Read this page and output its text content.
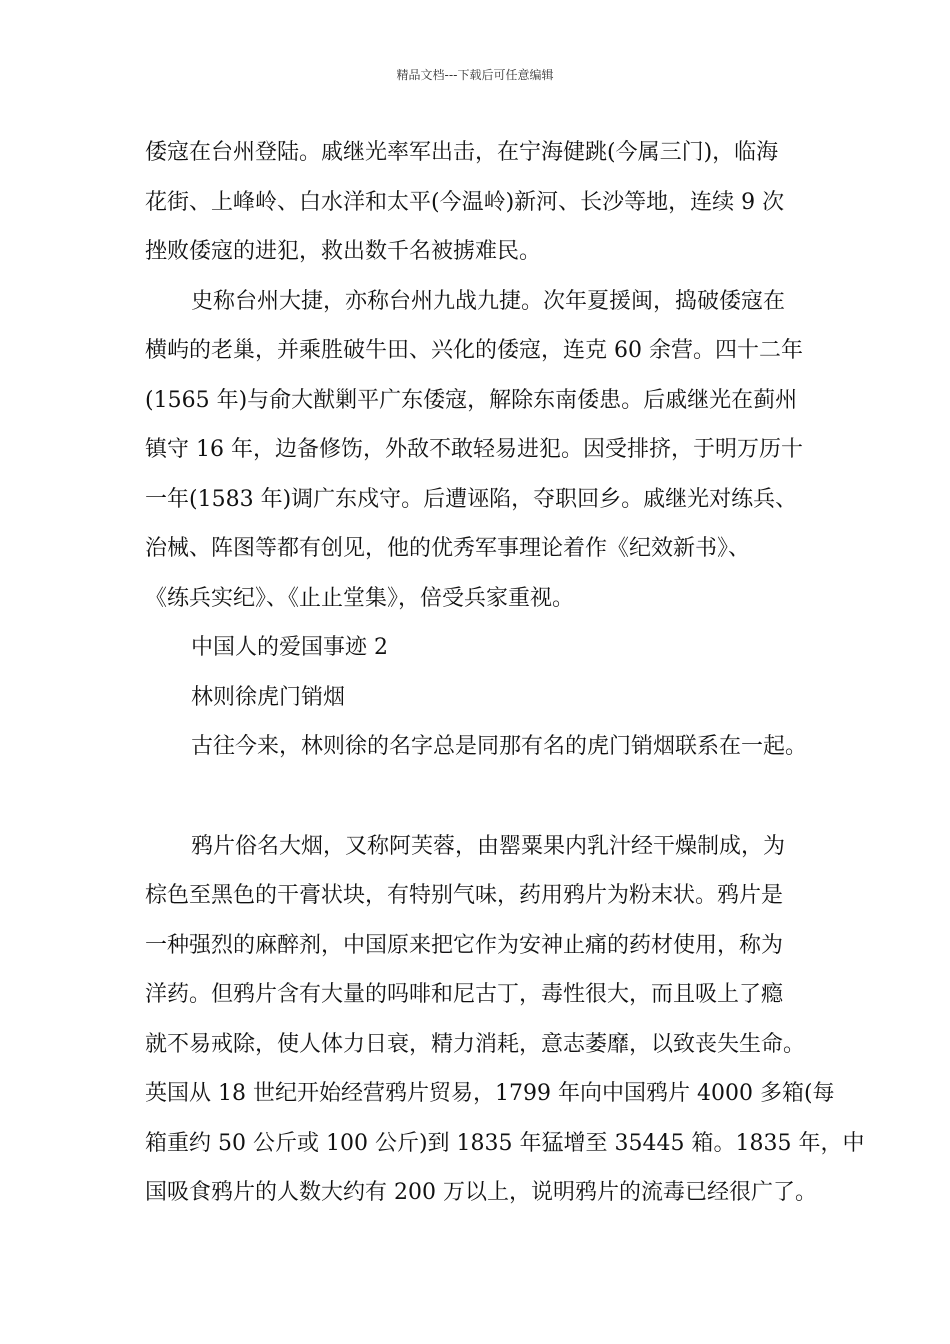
精品文档---下载后可任意编辑
倭寇在台州登陆。戚继光率军出击，在宁海健跳(今属三门)，临海
花街、上峰岭、白水洋和太平(今温岭)新河、长沙等地，连续 9 次
挫败倭寇的进犯，救出数千名被掳难民。
史称台州大捷，亦称台州九战九捷。次年夏援闽，捣破倭寇在
横屿的老巢，并乘胜破牛田、兴化的倭寇，连克 60 余营。四十二年
(1565 年)与俞大猷剿平广东倭寇，解除东南倭患。后戚继光在蓟州
镇守 16 年，边备修饬，外敌不敢轻易进犯。因受排挤，于明万历十
一年(1583 年)调广东戍守。后遭诬陷，夺职回乡。戚继光对练兵、
治械、阵图等都有创见，他的优秀军事理论着作《纪效新书》、
《练兵实纪》、《止止堂集》，倍受兵家重视。
中国人的爱国事迹 2
林则徐虎门销烟
古往今来，林则徐的名字总是同那有名的虎门销烟联系在一起。
鸦片俗名大烟，又称阿芙蓉，由罂粟果内乳汁经干燥制成，为
棕色至黑色的干膏状块，有特别气味，药用鸦片为粉末状。鸦片是
一种强烈的麻醉剂，中国原来把它作为安神止痛的药材使用，称为
洋药。但鸦片含有大量的吗啡和尼古丁，毒性很大，而且吸上了瘾
就不易戒除，使人体力日衰，精力消耗，意志萎靡，以致丧失生命。
英国从 18 世纪开始经营鸦片贸易，1799 年向中国鸦片 4000 多箱(每
箱重约 50 公斤或 100 公斤)到 1835 年猛增至 35445 箱。1835 年，中
国吸食鸦片的人数大约有 200 万以上，说明鸦片的流毒已经很广了。
